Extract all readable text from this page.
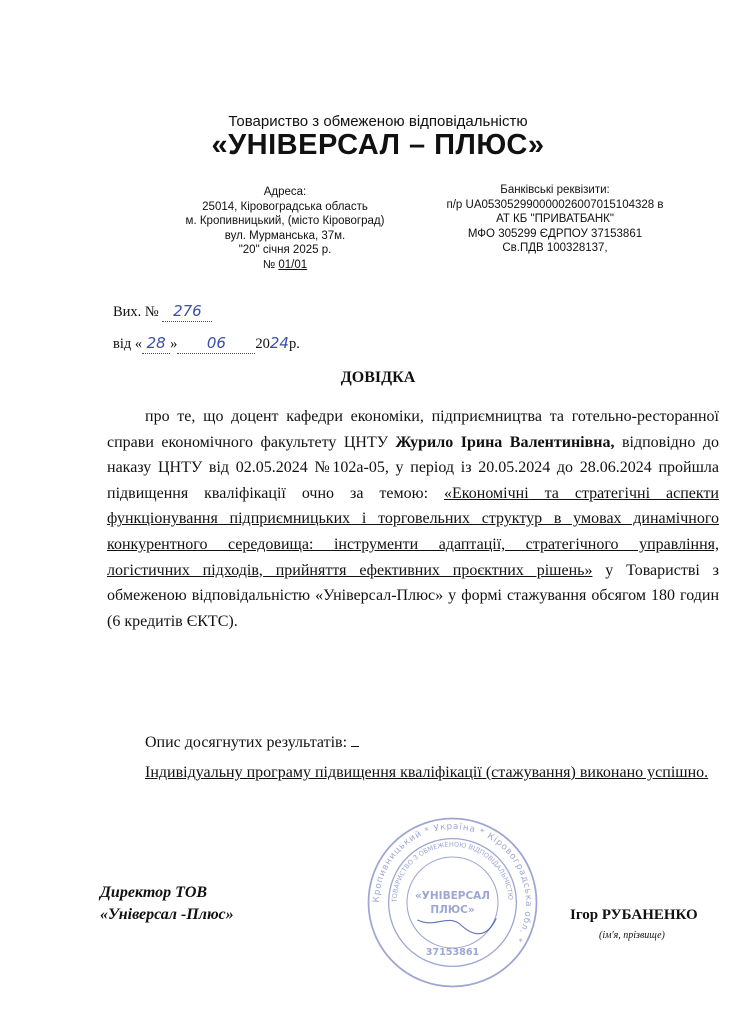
Товариство з обмеженою відповідальністю
«УНІВЕРСАЛ – ПЛЮС»
Адреса:
25014, Кіровоградська область
м. Кропивницький, (місто Кіровоград)
вул. Мурманська, 37м.
"20" січня 2025 р.
№ 01/01
Банківські реквізити:
п/р UA053052990000026007015104328 в
АТ КБ "ПРИВАТБАНК"
МФО 305299 ЄДРПОУ 37153861
Св.ПДВ 100328137,
Вих. № 276
від « 28 » 06 2024р.
ДОВІДКА
про те, що доцент кафедри економіки, підприємництва та готельно-ресторанної справи економічного факультету ЦНТУ Журило Ірина Валентинівна, відповідно до наказу ЦНТУ від 02.05.2024 №102а-05, у період із 20.05.2024 до 28.06.2024 пройшла підвищення кваліфікації очно за темою: «Економічні та стратегічні аспекти функціонування підприємницьких і торговельних структур в умовах динамічного конкурентного середовища: інструменти адаптації, стратегічного управління, логістичних підходів, прийняття ефективних проєктних рішень» у Товаристві з обмеженою відповідальністю «Універсал-Плюс» у формі стажування обсягом 180 годин (6 кредитів ЄКТС).
Опис досягнутих результатів:
Індивідуальну програму підвищення кваліфікації (стажування) виконано успішно.
Кропивницький * Україна * Кіровоградська обл. *
ТОВАРИСТВО З ОБМЕЖЕНОЮ ВІДПОВІДАЛЬНІСТЮ
«УНІВЕРСАЛ
ПЛЮС»
37153861
Директор ТОВ
«Універсал -Плюс»	Ігор РУБАНЕНКО
(ім'я, прізвище)
